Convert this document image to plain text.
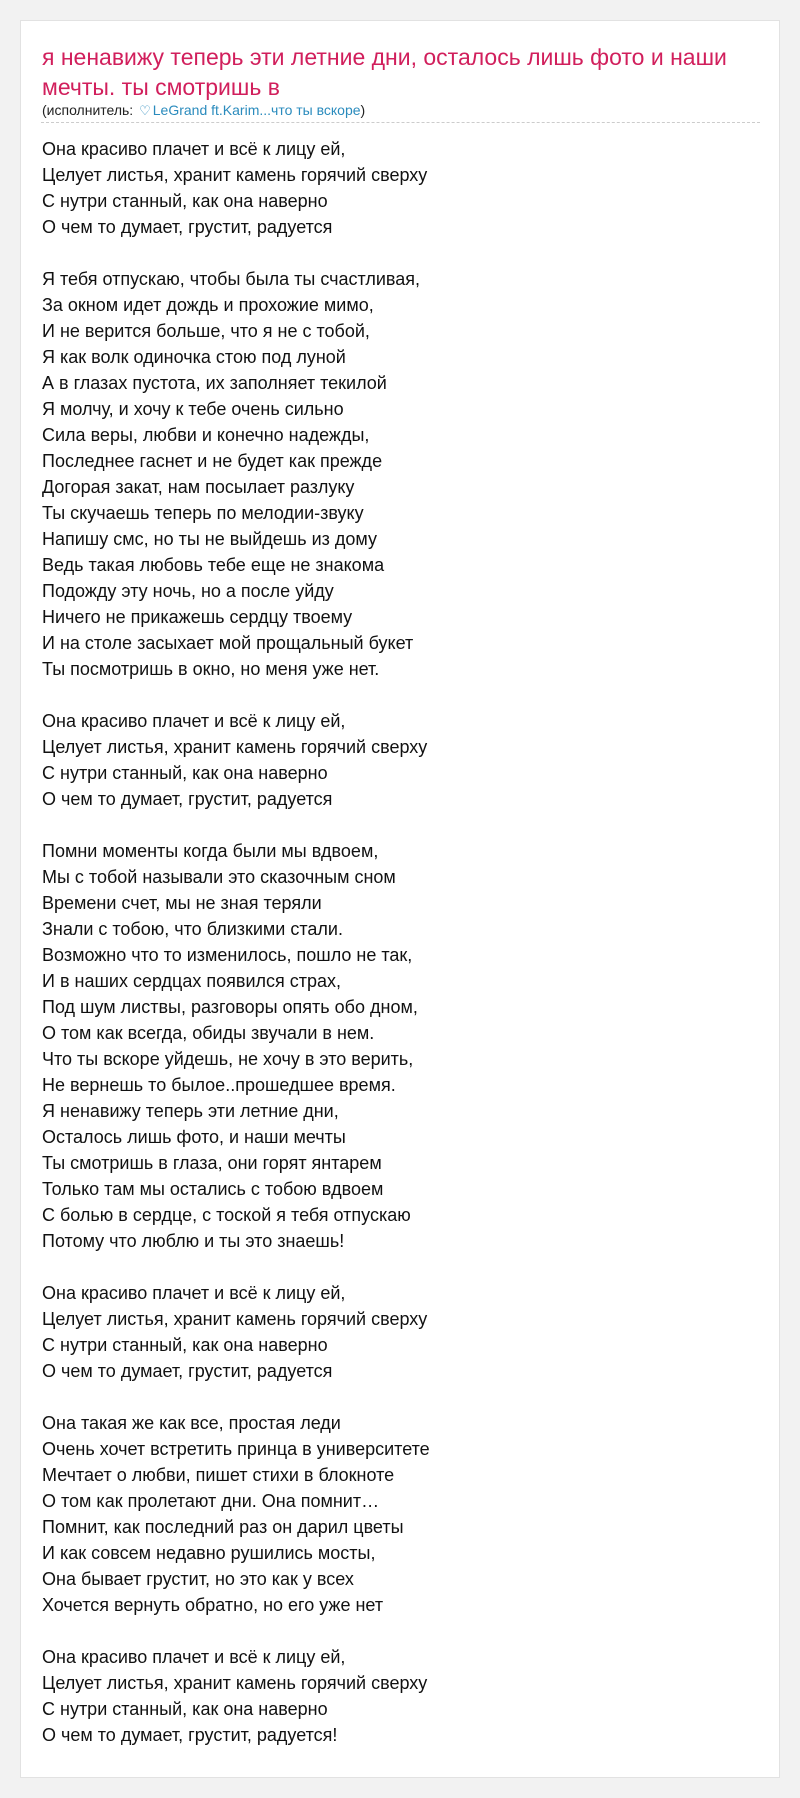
я ненавижу теперь эти летние дни, осталось лишь фото и наши мечты. ты смотришь в
(исполнитель: ♡ LeGrand ft.Karim...что ты вскоре)
Она красиво плачет и всё к лицу ей,
Целует листья, хранит камень горячий сверху
С нутри станный, как она наверно
О чем то думает, грустит, радуется
Я тебя отпускаю, чтобы была ты счастливая,
За окном идет дождь и прохожие мимо,
И не верится больше, что я не с тобой,
Я как волк одиночка стою под луной
А в глазах пустота, их заполняет текилой
Я молчу, и хочу к тебе очень сильно
Сила веры, любви и конечно надежды,
Последнее гаснет и не будет как прежде
Догорая закат, нам посылает разлуку
Ты скучаешь теперь по мелодии-звуку
Напишу смс, но ты не выйдешь из дому
Ведь такая любовь тебе еще не знакома
Подожду эту ночь, но а после уйду
Ничего не прикажешь сердцу твоему
И на столе засыхает мой прощальный букет
Ты посмотришь в окно, но меня уже нет.
Она красиво плачет и всё к лицу ей,
Целует листья, хранит камень горячий сверху
С нутри станный, как она наверно
О чем то думает, грустит, радуется
Помни моменты когда были мы вдвоем,
Мы с тобой называли это сказочным сном
Времени счет, мы не зная теряли
Знали с тобою, что близкими стали.
Возможно что то изменилось, пошло не так,
И в наших сердцах появился страх,
Под шум листвы, разговоры опять обо дном,
О том как всегда, обиды звучали в нем.
Что ты вскоре уйдешь, не хочу в это верить,
Не вернешь то былое..прошедшее время.
Я ненавижу теперь эти летние дни,
Осталось лишь фото, и наши мечты
Ты смотришь в глаза, они горят янтарем
Только там мы остались с тобою вдвоем
С болью в сердце, с тоской я тебя отпускаю
Потому что люблю и ты это знаешь!
Она красиво плачет и всё к лицу ей,
Целует листья, хранит камень горячий сверху
С нутри станный, как она наверно
О чем то думает, грустит, радуется
Она такая же как все, простая леди
Очень хочет встретить принца в университете
Мечтает о любви, пишет стихи в блокноте
О том как пролетают дни. Она помнит…
Помнит, как последний раз он дарил цветы
И как совсем недавно рушились мосты,
Она бывает грустит, но это как у всех
Хочется вернуть обратно, но его уже нет
Она красиво плачет и всё к лицу ей,
Целует листья, хранит камень горячий сверху
С нутри станный, как она наверно
О чем то думает, грустит, радуется!
